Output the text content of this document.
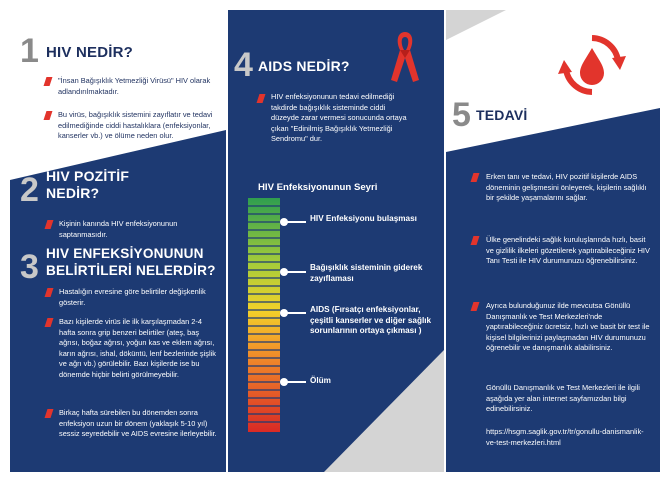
1 HIV NEDİR?
"İnsan Bağışıklık Yetmezliği Virüsü" HIV olarak adlandırılmaktadır.
Bu virüs, bağışıklık sistemini zayıflatır ve tedavi edilmediğinde ciddi hastalıklara (enfeksiyonlar, kanserler vb.) ve ölüme neden olur.
2 HIV POZİTİF
NEDİR?
Kişinin kanında HIV enfeksiyonunun saptanmasıdır.
3 HIV ENFEKSİYONUNUN
BELİRTİLERİ NELERDİR?
Hastalığın evresine göre belirtiler değişkenlik gösterir.
Bazı kişilerde virüs ile ilk karşılaşmadan 2-4 hafta sonra grip benzeri belirtiler (ateş, baş ağrısı, boğaz ağrısı, yoğun kas ve eklem ağrısı, karın ağrısı, ishal, döküntü, lenf bezlerinde şişlik ve ağrı vb.) görülebilir. Bazı kişilerde ise bu dönemde hiçbir belirti görülmeyebilir.
Birkaç hafta sürebilen bu dönemden sonra enfeksiyon uzun bir dönem (yaklaşık 5-10 yıl) sessiz seyredebilir ve AIDS evresine ilerleyebilir.
4 AIDS NEDİR?
HIV enfeksiyonunun tedavi edilmediği takdirde bağışıklık sisteminde ciddi düzeyde zarar vermesi sonucunda ortaya çıkan "Edinilmiş Bağışıklık Yetmezliği Sendromu" dur.
HIV Enfeksiyonunun Seyri
HIV Enfeksiyonu bulaşması
Bağışıklık sisteminin giderek zayıflaması
AIDS (Fırsatçı enfeksiyonlar, çeşitli kanserler ve diğer sağlık sorunlarının ortaya çıkması )
Ölüm
5 TEDAVİ
Erken tanı ve tedavi, HIV pozitif kişilerde AIDS döneminin gelişmesini önleyerek, kişilerin sağlıklı bir şekilde yaşamalarını sağlar.
Ülke genelindeki sağlık kuruluşlarında hızlı, basit ve gizlilik ilkeleri gözetilerek yaptırabileceğiniz HIV Tanı Testi ile HIV durumunuzu öğrenebilirsiniz.
Ayrıca bulunduğunuz ilde mevcutsa Gönüllü Danışmanlık ve Test Merkezleri'nde yaptırabileceğiniz ücretsiz, hızlı ve basit bir test ile kişisel bilgilerinizi paylaşmadan HIV durumunuzu öğrenebilir ve danışmanlık alabilirsiniz.
Gönüllü Danışmanlık ve Test Merkezleri ile ilgili aşağıda yer alan internet sayfamızdan bilgi edinebilirsiniz.
https://hsgm.saglik.gov.tr/tr/gonullu-danismanlik-ve-test-merkezleri.html
